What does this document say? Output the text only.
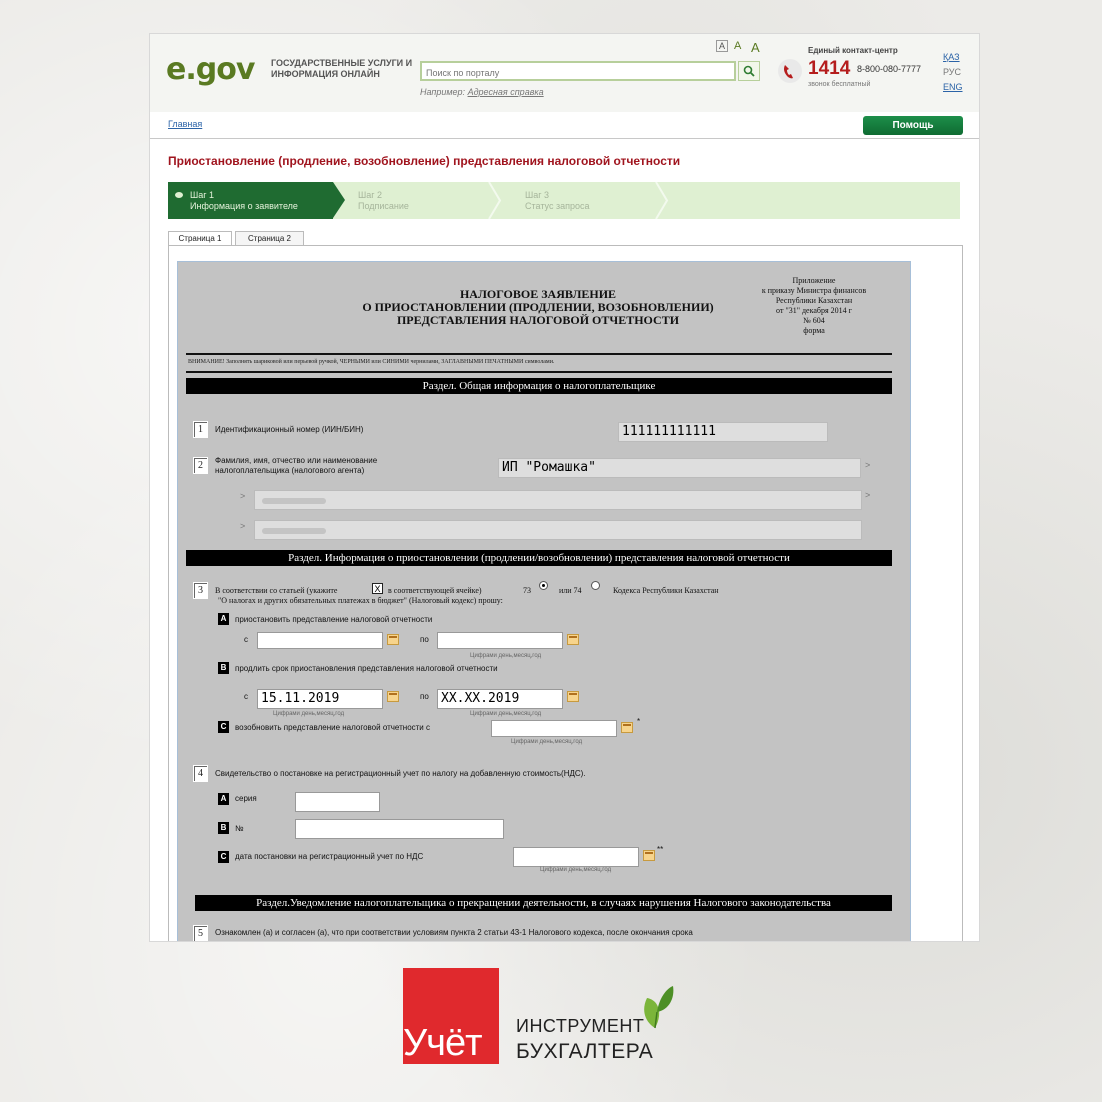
e.gov ГОСУДАРСТВЕННЫЕ УСЛУГИ И ИНФОРМАЦИЯ ОНЛАЙН
Поиск по порталу
Например: Адресная справка
A A A	Единый контакт-центр
1414 8-800-080-7777
звонок бесплатный
ҚАЗ
РУС
ENG
Главная	Помощь
Приостановление (продление, возобновление) представления налоговой отчетности
Шаг 1
Информация о заявителе
Шаг 2
Подписание
Шаг 3
Статус запроса
Страница 1	Страница 2
НАЛОГОВОЕ ЗАЯВЛЕНИЕ
О ПРИОСТАНОВЛЕНИИ (ПРОДЛЕНИИ, ВОЗОБНОВЛЕНИИ)
ПРЕДСТАВЛЕНИЯ НАЛОГОВОЙ ОТЧЕТНОСТИ
Приложение
к приказу Министра финансов
Республики Казахстан
от "31" декабря 2014 г
№ 604
форма
ВНИМАНИЕ! Заполнять шариковой или перьевой ручкой, ЧЕРНЫМИ или СИНИМИ чернилами, ЗАГЛАВНЫМИ ПЕЧАТНЫМИ символами.
Раздел. Общая информация о налогоплательщике
1	Идентификационный номер (ИИН/БИН)	111111111111
2	Фамилия, имя, отчество или наименование налогоплательщика (налогового агента)	ИП "Ромашка"	>
>	>
>
Раздел. Информация о приостановлении (продлении/возобновлении) представления налоговой отчетности
3	В соответствии со статьей (укажите	X в соответствующей ячейке)	73	или 74	Кодекса Республики Казахстан
"О налогах и других обязательных платежах в бюджет" (Налоговый кодекс) прошу:
A	приостановить представление налоговой отчетности
с	по
Цифрами день,месяц,год
B	продлить срок приостановления представления налоговой отчетности
с	15.11.2019	по XX.XX.2019
Цифрами день,месяц,год	Цифрами день,месяц,год
C	возобновить представление налоговой отчетности с
*
Цифрами день,месяц,год
4	Свидетельство о постановке на регистрационный учет по налогу на добавленную стоимость(НДС).
A	серия
B	№
C	дата постановки на регистрационный учет по НДС
**
Цифрами день,месяц,год
Раздел.Уведомление налогоплательщика о прекращении деятельности, в случаях нарушения Налогового законодательства
5	Ознакомлен (а) и согласен (а), что при соответствии условиям пункта 2 статьи 43-1 Налогового кодекса, после окончания срока
Учёт ИНСТРУМЕНТ
БУХГАЛТЕРА
